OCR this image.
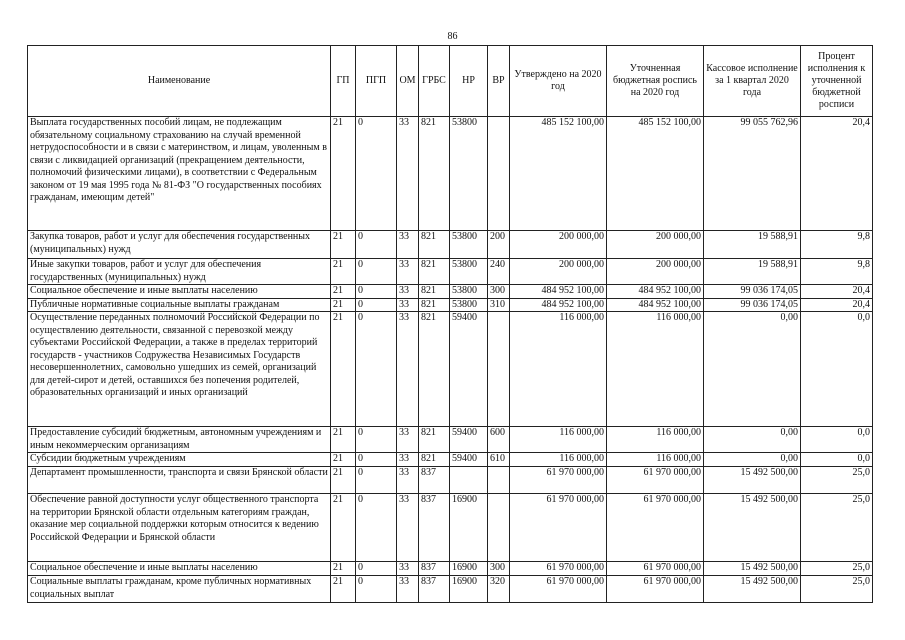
86
Наименование	ГП	ПГП	ОМ	ГРБС	НР	ВР	Утверждено на 2020 год	Уточненная бюджетная роспись на 2020 год	Кассовое исполнение за 1 квартал 2020 года	Процент исполнения к уточненной бюджетной росписи
Выплата государственных пособий лицам, не подлежащим обязательному социальному страхованию на случай временной нетрудоспособности и в связи с материнством, и лицам, уволенным в связи с ликвидацией организаций (прекращением деятельности, полномочий физическими лицами), в соответствии с Федеральным законом от 19 мая 1995 года № 81-ФЗ "О государственных пособиях гражданам, имеющим детей"	21	0	33	821	53800		485 152 100,00	485 152 100,00	99 055 762,96	20,4
Закупка товаров, работ и услуг для обеспечения государственных (муниципальных) нужд	21	0	33	821	53800	200	200 000,00	200 000,00	19 588,91	9,8
Иные закупки товаров, работ и услуг для обеспечения государственных (муниципальных) нужд	21	0	33	821	53800	240	200 000,00	200 000,00	19 588,91	9,8
Социальное обеспечение и иные выплаты населению	21	0	33	821	53800	300	484 952 100,00	484 952 100,00	99 036 174,05	20,4
Публичные нормативные социальные выплаты гражданам	21	0	33	821	53800	310	484 952 100,00	484 952 100,00	99 036 174,05	20,4
Осуществление переданных полномочий Российской Федерации по осуществлению деятельности, связанной с перевозкой между субъектами Российской Федерации, а также в пределах территорий государств - участников Содружества Независимых Государств несовершеннолетних, самовольно ушедших из семей, организаций для детей-сирот и детей, оставшихся без попечения родителей, образовательных организаций и иных организаций	21	0	33	821	59400		116 000,00	116 000,00	0,00	0,0
Предоставление субсидий бюджетным, автономным учреждениям и иным некоммерческим организациям	21	0	33	821	59400	600	116 000,00	116 000,00	0,00	0,0
Субсидии бюджетным учреждениям	21	0	33	821	59400	610	116 000,00	116 000,00	0,00	0,0
Департамент промышленности, транспорта и связи Брянской области	21	0	33	837			61 970 000,00	61 970 000,00	15 492 500,00	25,0
Обеспечение равной доступности услуг общественного транспорта на территории Брянской области отдельным категориям граждан, оказание мер социальной поддержки которым относится к ведению Российской Федерации и Брянской области	21	0	33	837	16900		61 970 000,00	61 970 000,00	15 492 500,00	25,0
Социальное обеспечение и иные выплаты населению	21	0	33	837	16900	300	61 970 000,00	61 970 000,00	15 492 500,00	25,0
Социальные выплаты гражданам, кроме публичных нормативных социальных выплат	21	0	33	837	16900	320	61 970 000,00	61 970 000,00	15 492 500,00	25,0
